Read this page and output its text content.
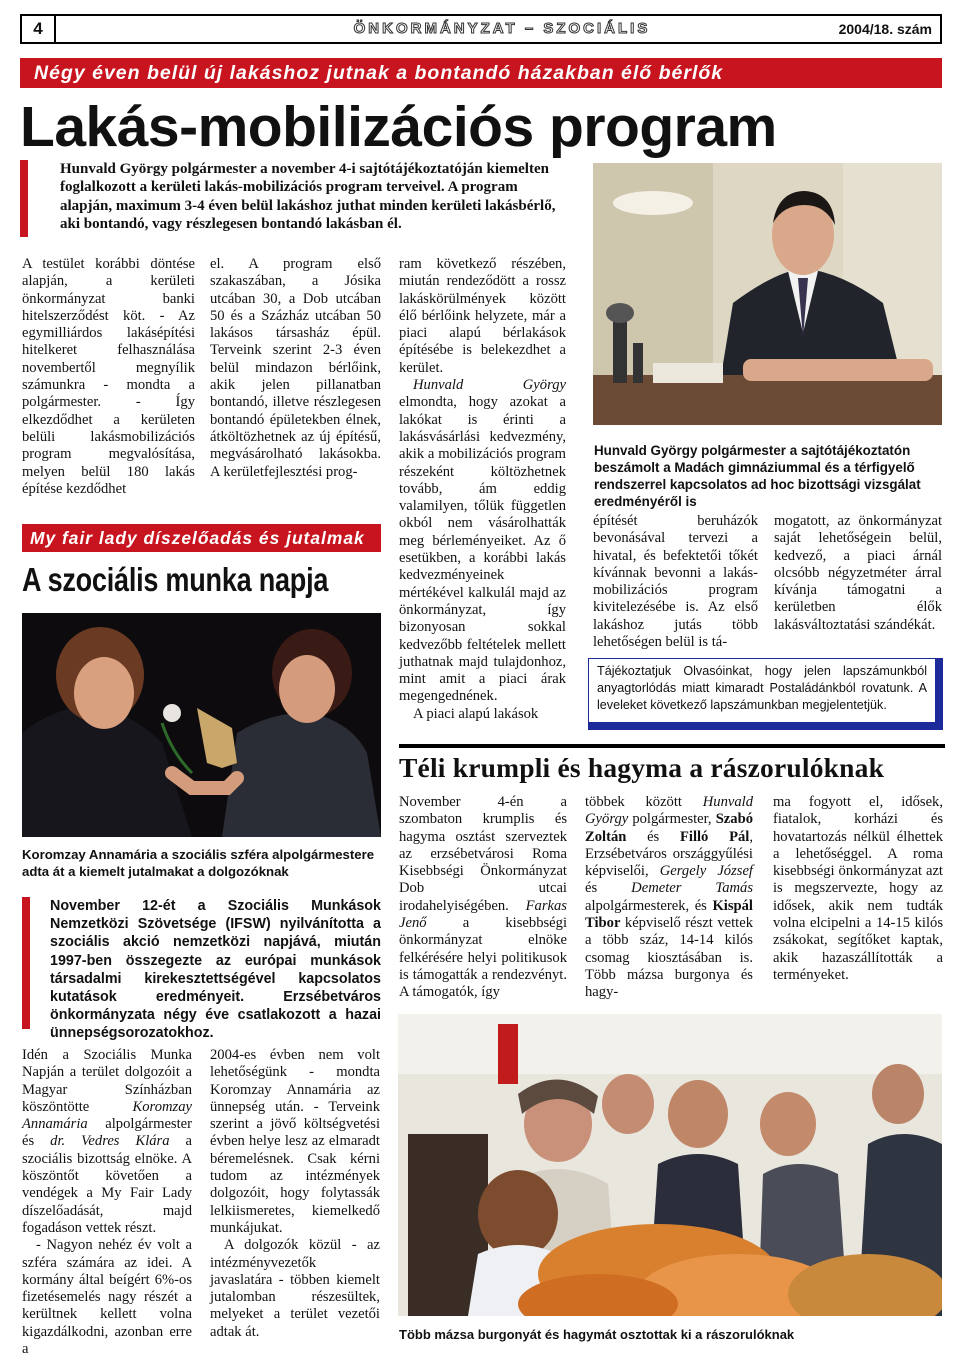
4	ÖNKORMÁNYZAT – SZOCIÁLIS	2004/18. szám
Négy éven belül új lakáshoz jutnak a bontandó házakban élő bérlők
Lakás-mobilizációs program
Hunvald György polgármester a november 4-i sajtótájékoztatóján kiemelten foglalkozott a kerületi lakás-mobilizációs program terveivel. A program alapján, maximum 3-4 éven belül lakáshoz juthat minden kerületi lakásbérlő, aki bontandó, vagy részlegesen bontandó lakásban él.
A testület korábbi döntése alapján, a kerületi önkormányzat banki hitelszerződést köt. - Az egymilliárdos lakásépítési hitelkeret felhasználása novembertől megnyílik számunkra - mondta a polgármester. - Így elkezdődhet a kerületen belüli lakásmobilizációs program megvalósítása, melyen belül 180 lakás építése kezdődhet
el. A program első szakaszában, a Jósika utcában 30, a Dob utcában 50 és a Százház utcában 50 lakásos társasház épül. Terveink szerint 2-3 éven belül mindazon bérlőink, akik jelen pillanatban bontandó, illetve részlegesen bontandó épületekben élnek, átköltözhetnek az új építésű, megvásárolható lakásokba. A kerületfejlesztési prog-

ram következő részében, miután rendeződött a rossz lakáskörülmények között élő bérlőink helyzete, már a piaci alapú bérlakások építésébe is belekezdhet a kerület.

Hunvald György elmondta, hogy azokat a lakókat is érinti a lakásvásárlási kedvezmény, akik a mobilizációs program részeként költözhetnek tovább, ám eddig valamilyen, tőlük független okból nem vásárolhatták meg bérleményeiket. Az ő esetükben, a korábbi lakás kedvezményeinek mértékével kalkulál majd az önkormányzat, így bizonyosan sokkal kedvezőbb feltételek mellett juthatnak majd tulajdonhoz, mint amit a piaci árak megengednének.

A piaci alapú lakások

Hunvald György polgármester a sajtótájékoztatón beszámolt a Madách gimnáziummal és a térfigyelő rendszerrel kapcsolatos ad hoc bizottsági vizsgálat eredményéről is
építését beruházók bevonásával tervezi a hivatal, és befektetői tőkét kívánnak bevonni a lakás-mobilizációs program kivitelezésébe is. Az első lakáshoz jutás több lehetőségen belül is tá-
mogatott, az önkormányzat saját lehetőségein belül, kedvező, a piaci árnál olcsóbb négyzetméter árral kívánja támogatni a kerületben élők lakásváltoztatási szándékát.
Tájékoztatjuk Olvasóinkat, hogy jelen lapszámunkból anyagtorlódás miatt kimaradt Postaládánkból rovatunk. A leveleket következő lapszámunkban megjelentetjük.
My fair lady díszelőadás és jutalmak
A szociális munka napja
Koromzay Annamária a szociális szféra alpolgármestere adta át a kiemelt jutalmakat a dolgozóknak
November 12-ét a Szociális Munkások Nemzetközi Szövetsége (IFSW) nyilvánította a szociális akció nemzetközi napjává, miután 1997-ben összegezte az európai munkások társadalmi kirekesztettségével kapcsolatos kutatások eredményeit. Erzsébetváros önkormányzata négy éve csatlakozott a hazai ünnepségsorozatokhoz.

Idén a Szociális Munka Napján a terület dolgozóit a Magyar Színházban köszöntötte Koromzay Annamária alpolgármester és dr. Vedres Klára a szociális bizottság elnöke. A köszöntőt követően a vendégek a My Fair Lady díszelőadását, majd fogadáson vettek részt.

- Nagyon nehéz év volt a szféra számára az idei. A kormány által beígért 6%-os fizetésemelés nagy részét a kerültnek kellett volna kigazdálkodni, azonban erre a

2004-es évben nem volt lehetőségünk - mondta Koromzay Annamária az ünnepség után. - Terveink szerint a jövő költségvetési évben helye lesz az elmaradt béremelésnek. Csak kérni tudom az intézmények dolgozóit, hogy folytassák lelkiismeretes, kiemelkedő munkájukat.

A dolgozók közül - az intézményvezetők javaslatára - többen kiemelt jutalomban részesültek, melyeket a terület vezetői adtak át.

Téli krumpli és hagyma a rászorulóknak

November 4-én a szombaton krumplis és hagyma osztást szerveztek az erzsébetvárosi Roma Kisebbségi Önkormányzat Dob utcai irodahelyiségében. Farkas Jenő a kisebbségi önkormányzat elnöke felkérésére helyi politikusok is támogatták a rendezvényt. A támogatók, így

többek között Hunvald György polgármester, Szabó Zoltán és Filló Pál, Erzsébetváros országgyűlési képviselői, Gergely József és Demeter Tamás alpolgármesterek, és Kispál Tibor képviselő részt vettek a több száz, 14-14 kilós csomag kiosztásában is. Több mázsa burgonya és hagy-

ma fogyott el, idősek, fiatalok, korházi és hovatartozás nélkül élhettek a lehetőséggel. A roma kisebbségi önkormányzat azt is megszervezte, hogy az idősek, akik nem tudták volna elcipelni a 14-15 kilós zsákokat, segítőket kaptak, akik hazaszállították a terményeket.
Több mázsa burgonyát és hagymát osztottak ki a rászorulóknak
